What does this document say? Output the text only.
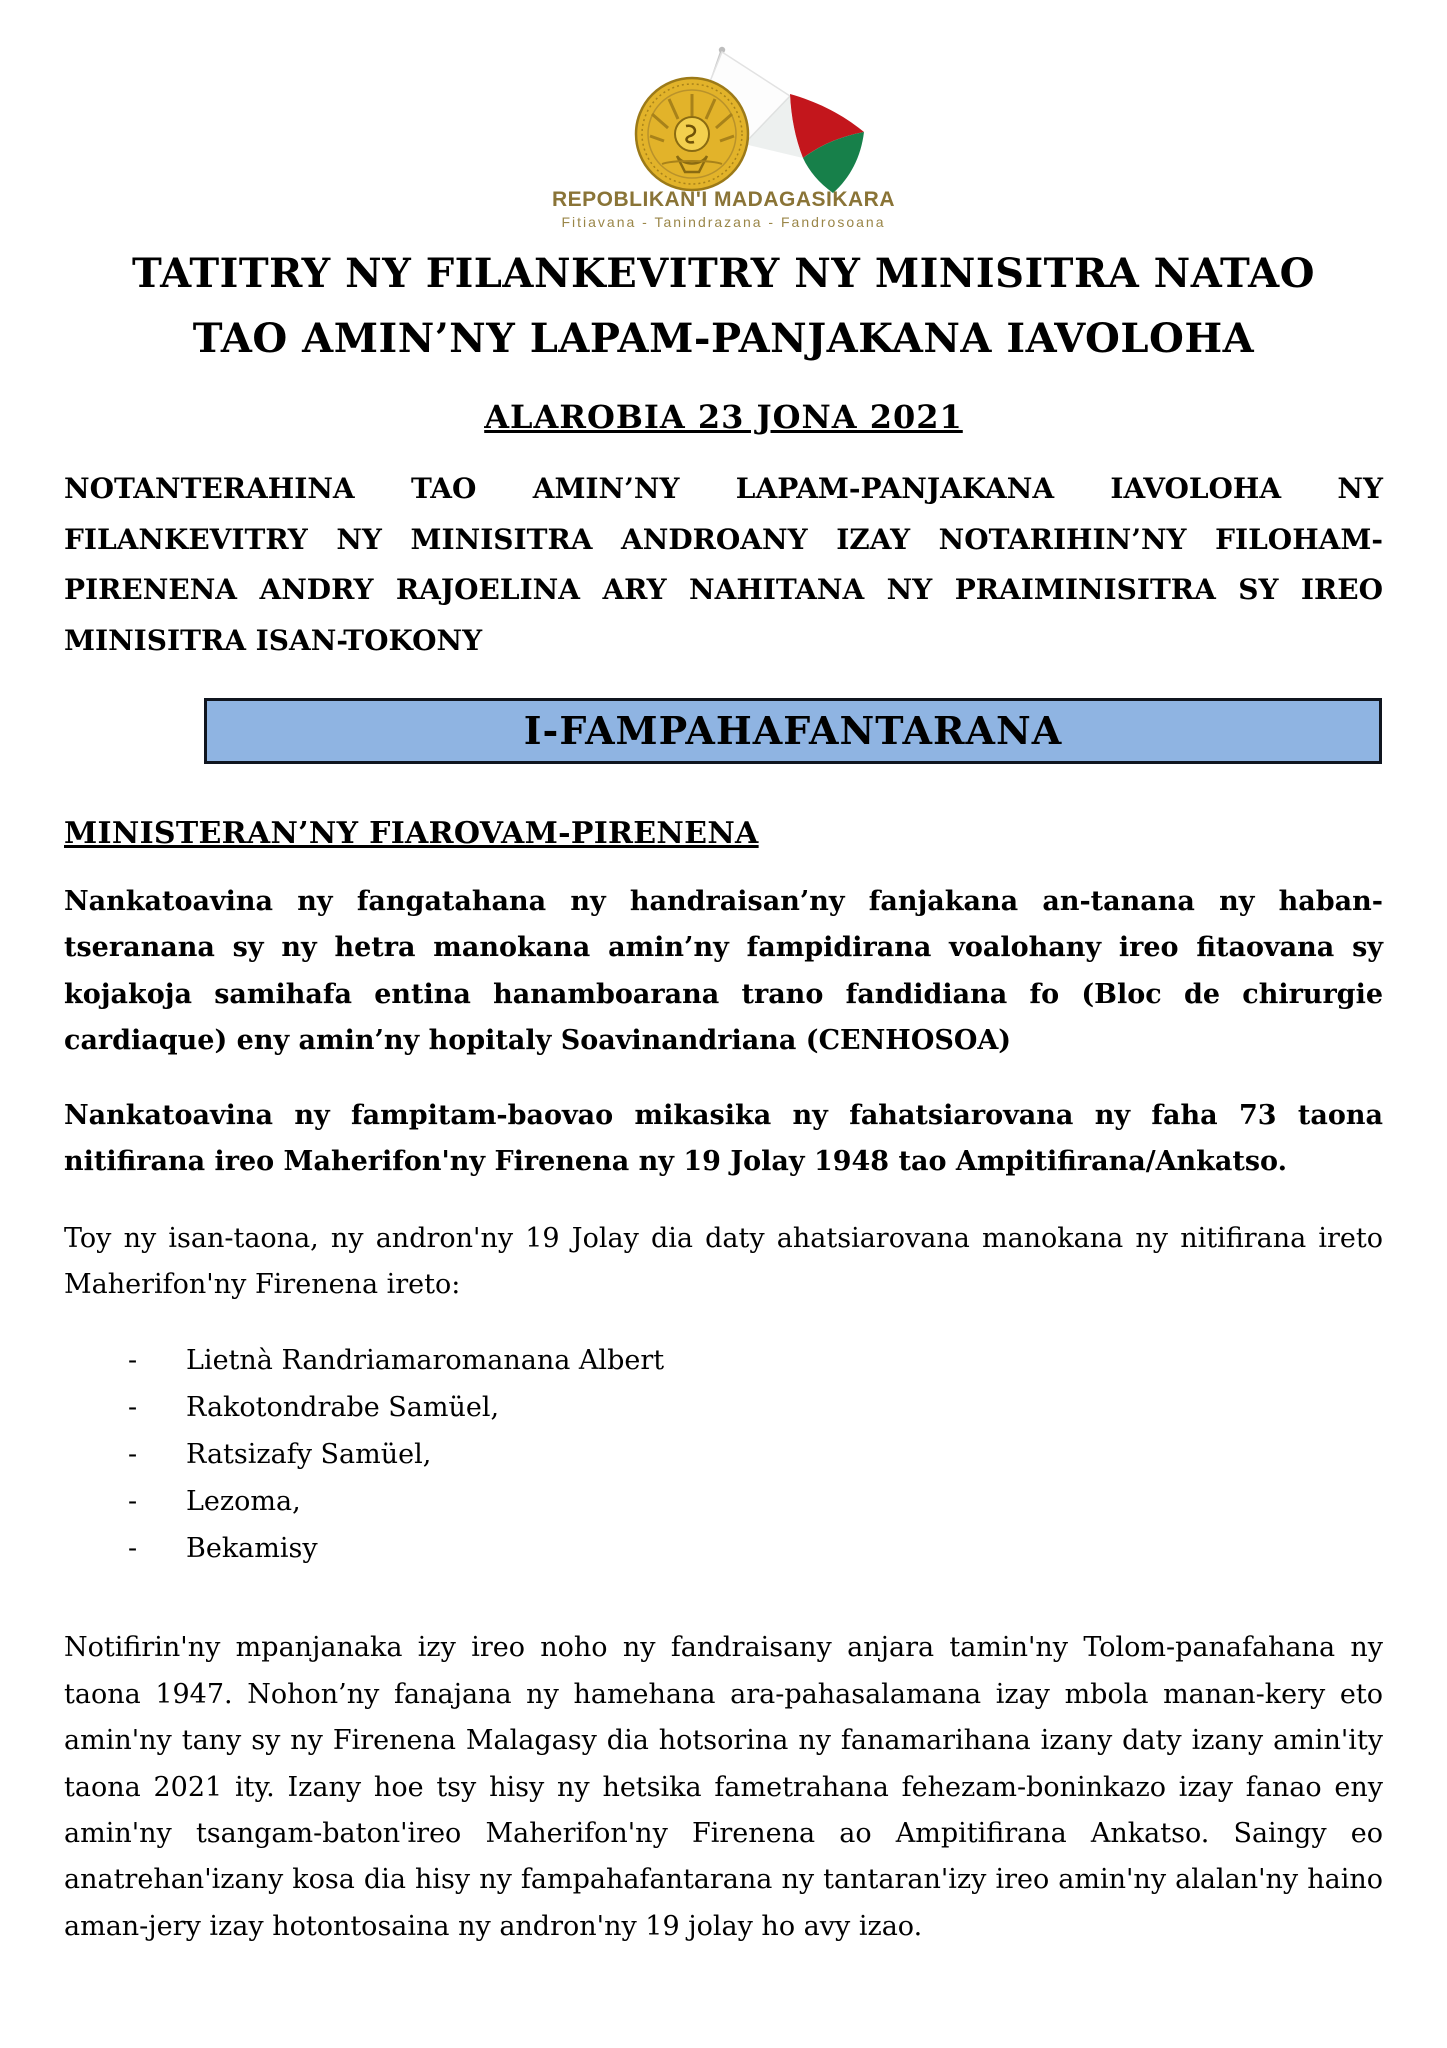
REPOBLIKAN'I MADAGASIKARA
Fitiavana - Tanindrazana - Fandrosoana
TATITRY NY FILANKEVITRY NY MINISITRA NATAO
TAO AMIN’NY LAPAM-PANJAKANA IAVOLOHA
ALAROBIA 23 JONA 2021

NOTANTERAHINA TAO AMIN’NY LAPAM-PANJAKANA IAVOLOHA NY FILANKEVITRY NY MINISITRA ANDROANY IZAY NOTARIHIN’NY FILOHAM-PIRENENA ANDRY RAJOELINA ARY NAHITANA NY PRAIMINISITRA SY IREO MINISITRA ISAN-TOKONY

I-FAMPAHAFANTARANA
MINISTERAN’NY FIAROVAM-PIRENENA

Nankatoavina ny fangatahana ny handraisan’ny fanjakana an-tanana ny haban-tseranana sy ny hetra manokana amin’ny fampidirana voalohany ireo fitaovana sy kojakoja samihafa entina hanamboarana trano fandidiana fo (Bloc de chirurgie cardiaque) eny amin’ny hopitaly Soavinandriana (CENHOSOA)

Nankatoavina ny fampitam-baovao mikasika ny fahatsiarovana ny faha 73 taona nitifirana ireo Maherifon'ny Firenena ny 19 Jolay 1948 tao Ampitifirana/Ankatso.

Toy ny isan-taona, ny andron'ny 19 Jolay dia daty ahatsiarovana manokana ny nitifirana ireto Maherifon'ny Firenena ireto:

-	Lietnà Randriamaromanana Albert
-	Rakotondrabe Samüel,
-	Ratsizafy Samüel,
-	Lezoma,
-	Bekamisy

Notifirin'ny mpanjanaka izy ireo noho ny fandraisany anjara tamin'ny Tolom-panafahana ny taona 1947. Nohon’ny fanajana ny hamehana ara-pahasalamana izay mbola manan-kery eto amin'ny tany sy ny Firenena Malagasy dia hotsorina ny fanamarihana izany daty izany amin'ity taona 2021 ity. Izany hoe tsy hisy ny hetsika fametrahana fehezam-boninkazo izay fanao eny amin'ny tsangam-baton'ireo Maherifon'ny Firenena ao Ampitifirana Ankatso. Saingy eo anatrehan'izany kosa dia hisy ny fampahafantarana ny tantaran'izy ireo amin'ny alalan'ny haino aman-jery izay hotontosaina ny andron'ny 19 jolay ho avy izao.
